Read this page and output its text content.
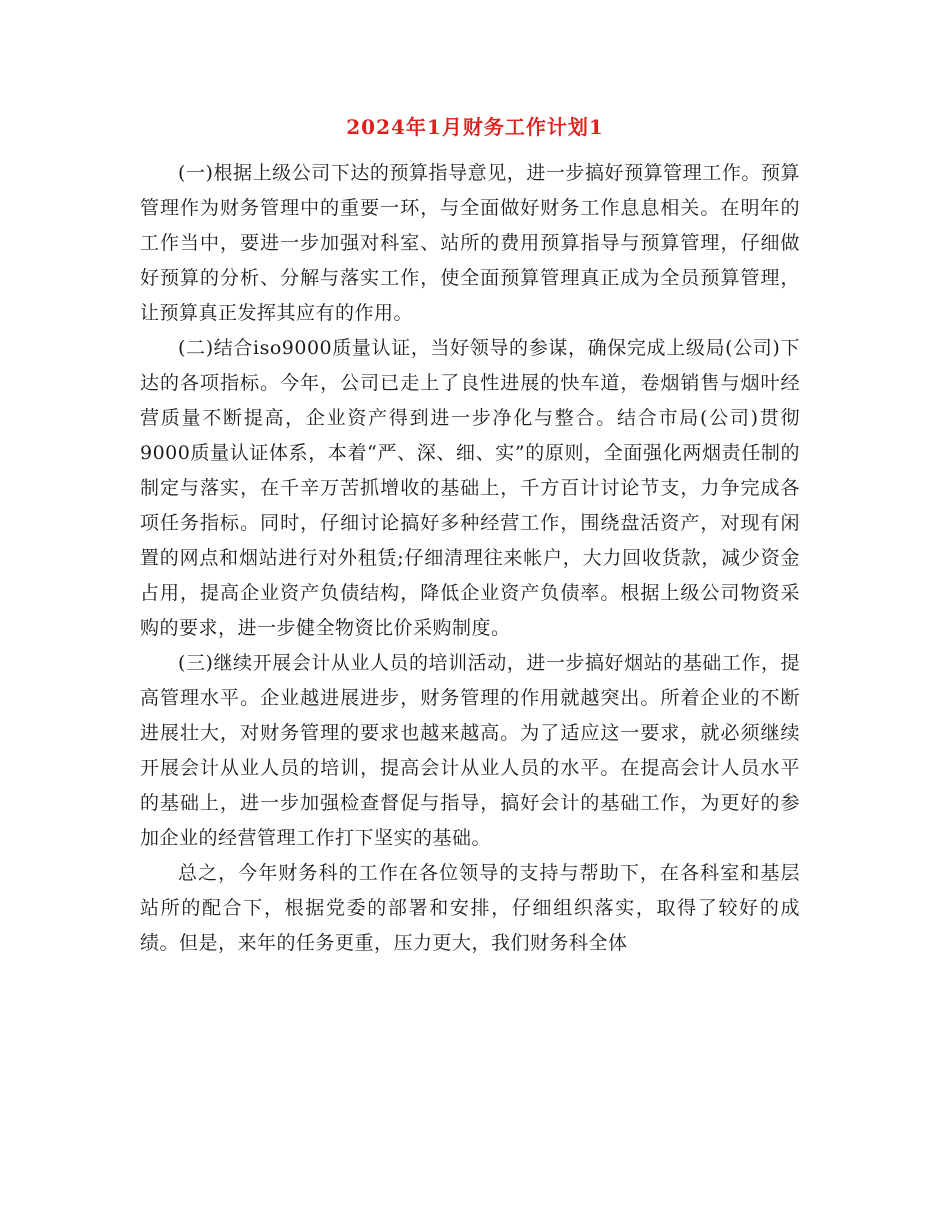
2024年1月财务工作计划1

(一)根据上级公司下达的预算指导意见，进一步搞好预算管理工作。预算管理作为财务管理中的重要一环，与全面做好财务工作息息相关。在明年的工作当中，要进一步加强对科室、站所的费用预算指导与预算管理，仔细做好预算的分析、分解与落实工作，使全面预算管理真正成为全员预算管理，让预算真正发挥其应有的作用。

(二)结合iso9000质量认证，当好领导的参谋，确保完成上级局(公司)下达的各项指标。今年，公司已走上了良性进展的快车道，卷烟销售与烟叶经营质量不断提高，企业资产得到进一步净化与整合。结合市局(公司)贯彻9000质量认证体系，本着“严、深、细、实”的原则，全面强化两烟责任制的制定与落实，在千辛万苦抓增收的基础上，千方百计讨论节支，力争完成各项任务指标。同时，仔细讨论搞好多种经营工作，围绕盘活资产，对现有闲置的网点和烟站进行对外租赁;仔细清理往来帐户，大力回收货款，减少资金占用，提高企业资产负债结构，降低企业资产负债率。根据上级公司物资采购的要求，进一步健全物资比价采购制度。

(三)继续开展会计从业人员的培训活动，进一步搞好烟站的基础工作，提高管理水平。企业越进展进步，财务管理的作用就越突出。所着企业的不断进展壮大，对财务管理的要求也越来越高。为了适应这一要求，就必须继续开展会计从业人员的培训，提高会计从业人员的水平。在提高会计人员水平的基础上，进一步加强检查督促与指导，搞好会计的基础工作，为更好的参加企业的经营管理工作打下坚实的基础。

总之，今年财务科的工作在各位领导的支持与帮助下，在各科室和基层站所的配合下，根据党委的部署和安排，仔细组织落实，取得了较好的成绩。但是，来年的任务更重，压力更大，我们财务科全体
